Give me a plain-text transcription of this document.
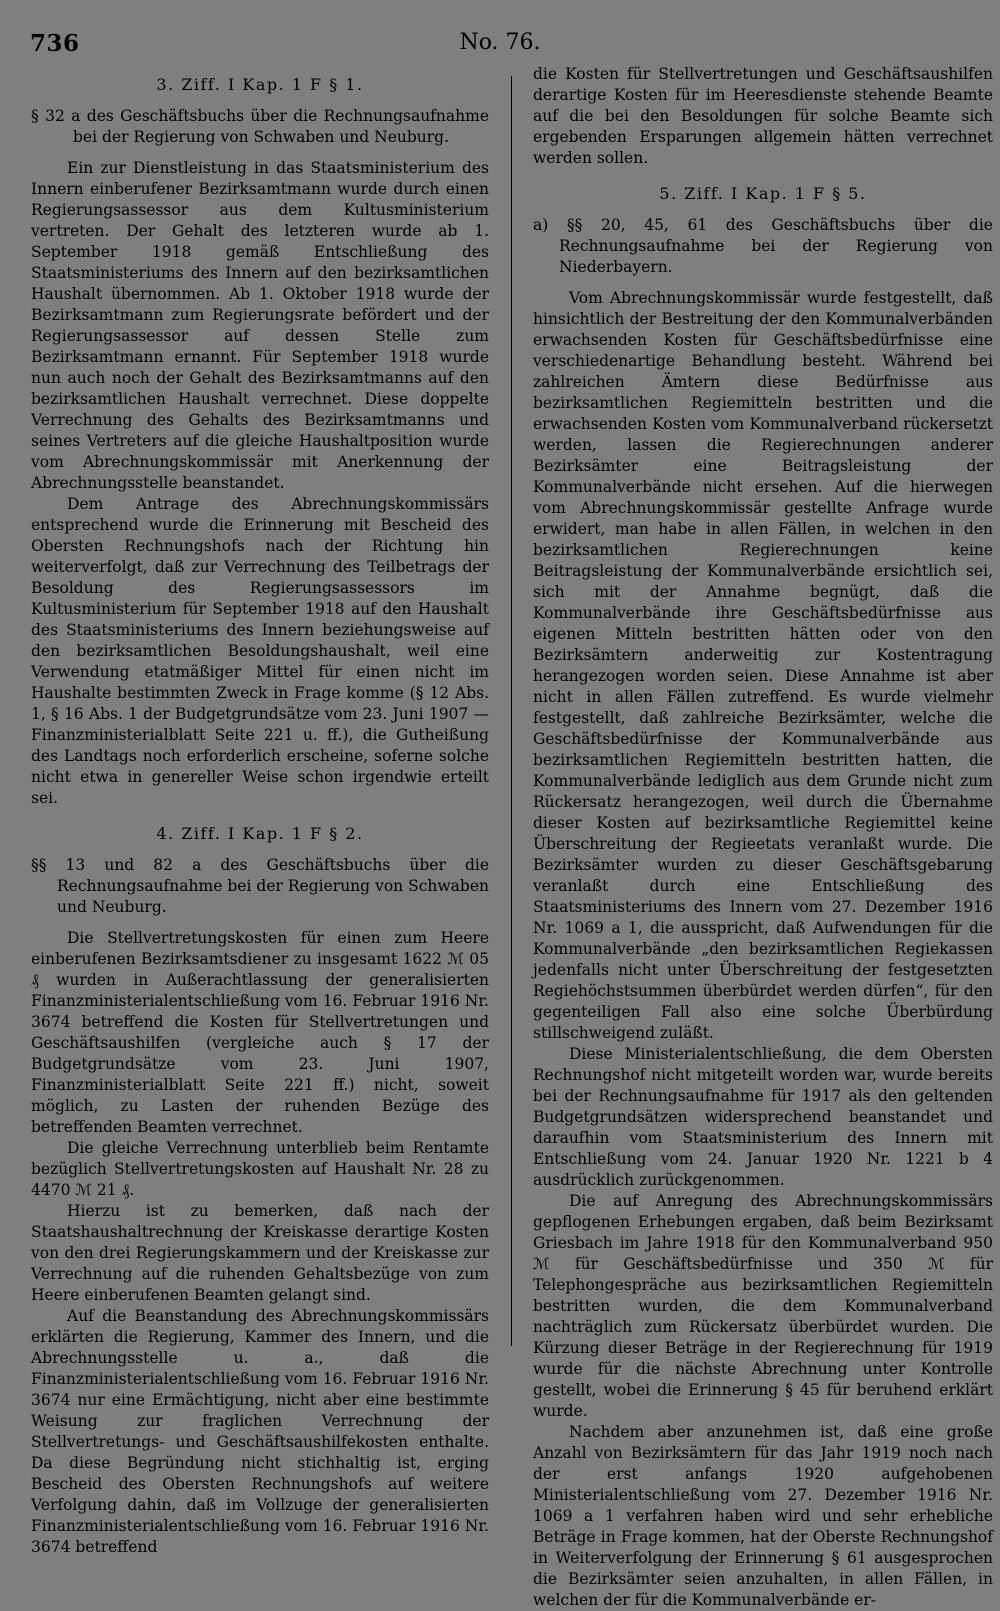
736	No. 76.
3. Ziff. I Kap. 1 F § 1.
§ 32 a des Geschäftsbuchs über die Rechnungsaufnahme bei der Regierung von Schwaben und Neuburg.

Ein zur Dienstleistung in das Staatsministerium des Innern einberufener Bezirksamtmann wurde durch einen Regierungsassessor aus dem Kultusministerium vertreten. Der Gehalt des letzteren wurde ab 1. September 1918 gemäß Entschließung des Staatsministeriums des Innern auf den bezirksamtlichen Haushalt übernommen. Ab 1. Oktober 1918 wurde der Bezirksamtmann zum Regierungsrate befördert und der Regierungsassessor auf dessen Stelle zum Bezirksamtmann ernannt. Für September 1918 wurde nun auch noch der Gehalt des Bezirksamtmanns auf den bezirksamtlichen Haushalt verrechnet. Diese doppelte Verrechnung des Gehalts des Bezirksamtmanns und seines Vertreters auf die gleiche Haushaltposition wurde vom Abrechnungskommissär mit Anerkennung der Abrechnungsstelle beanstandet.

Dem Antrage des Abrechnungskommissärs entsprechend wurde die Erinnerung mit Bescheid des Obersten Rechnungshofs nach der Richtung hin weiterverfolgt, daß zur Verrechnung des Teilbetrags der Besoldung des Regierungsassessors im Kultusministerium für September 1918 auf den Haushalt des Staatsministeriums des Innern beziehungsweise auf den bezirksamtlichen Besoldungshaushalt, weil eine Verwendung etatmäßiger Mittel für einen nicht im Haushalte bestimmten Zweck in Frage komme (§ 12 Abs. 1, § 16 Abs. 1 der Budgetgrundsätze vom 23. Juni 1907 — Finanzministerialblatt Seite 221 u. ff.), die Gutheißung des Landtags noch erforderlich erscheine, soferne solche nicht etwa in genereller Weise schon irgendwie erteilt sei.

4. Ziff. I Kap. 1 F § 2.
§§ 13 und 82 a des Geschäftsbuchs über die Rechnungsaufnahme bei der Regierung von Schwaben und Neuburg.

Die Stellvertretungskosten für einen zum Heere einberufenen Bezirksamtsdiener zu insgesamt 1622 ℳ 05 ₰ wurden in Außerachtlassung der generalisierten Finanzministerialentschließung vom 16. Februar 1916 Nr. 3674 betreffend die Kosten für Stellvertretungen und Geschäftsaushilfen (vergleiche auch § 17 der Budgetgrundsätze vom 23. Juni 1907, Finanzministerialblatt Seite 221 ff.) nicht, soweit möglich, zu Lasten der ruhenden Bezüge des betreffenden Beamten verrechnet.

Die gleiche Verrechnung unterblieb beim Rentamte bezüglich Stellvertretungskosten auf Haushalt Nr. 28 zu 4470 ℳ 21 ₰.

Hierzu ist zu bemerken, daß nach der Staatshaushaltrechnung der Kreiskasse derartige Kosten von den drei Regierungskammern und der Kreiskasse zur Verrechnung auf die ruhenden Gehaltsbezüge von zum Heere einberufenen Beamten gelangt sind.

Auf die Beanstandung des Abrechnungskommissärs erklärten die Regierung, Kammer des Innern, und die Abrechnungsstelle u. a., daß die Finanzministerialentschließung vom 16. Februar 1916 Nr. 3674 nur eine Ermächtigung, nicht aber eine bestimmte Weisung zur fraglichen Verrechnung der Stellvertretungs- und Geschäftsaushilfekosten enthalte. Da diese Begründung nicht stichhaltig ist, erging Bescheid des Obersten Rechnungshofs auf weitere Verfolgung dahin, daß im Vollzuge der generalisierten Finanzministerialentschließung vom 16. Februar 1916 Nr. 3674 betreffend

die Kosten für Stellvertretungen und Geschäftsaushilfen derartige Kosten für im Heeresdienste stehende Beamte auf die bei den Besoldungen für solche Beamte sich ergebenden Ersparungen allgemein hätten verrechnet werden sollen.

5. Ziff. I Kap. 1 F § 5.
a) §§ 20, 45, 61 des Geschäftsbuchs über die Rechnungsaufnahme bei der Regierung von Niederbayern.

Vom Abrechnungskommissär wurde festgestellt, daß hinsichtlich der Bestreitung der den Kommunalverbänden erwachsenden Kosten für Geschäftsbedürfnisse eine verschiedenartige Behandlung besteht. Während bei zahlreichen Ämtern diese Bedürfnisse aus bezirksamtlichen Regiemitteln bestritten und die erwachsenden Kosten vom Kommunalverband rückersetzt werden, lassen die Regierechnungen anderer Bezirksämter eine Beitragsleistung der Kommunalverbände nicht ersehen. Auf die hierwegen vom Abrechnungskommissär gestellte Anfrage wurde erwidert, man habe in allen Fällen, in welchen in den bezirksamtlichen Regierechnungen keine Beitragsleistung der Kommunalverbände ersichtlich sei, sich mit der Annahme begnügt, daß die Kommunalverbände ihre Geschäftsbedürfnisse aus eigenen Mitteln bestritten hätten oder von den Bezirksämtern anderweitig zur Kostentragung herangezogen worden seien. Diese Annahme ist aber nicht in allen Fällen zutreffend. Es wurde vielmehr festgestellt, daß zahlreiche Bezirksämter, welche die Geschäftsbedürfnisse der Kommunalverbände aus bezirksamtlichen Regiemitteln bestritten hatten, die Kommunalverbände lediglich aus dem Grunde nicht zum Rückersatz herangezogen, weil durch die Übernahme dieser Kosten auf bezirksamtliche Regiemittel keine Überschreitung der Regieetats veranlaßt wurde. Die Bezirksämter wurden zu dieser Geschäftsgebarung veranlaßt durch eine Entschließung des Staatsministeriums des Innern vom 27. Dezember 1916 Nr. 1069 a 1, die ausspricht, daß Aufwendungen für die Kommunalverbände „den bezirksamtlichen Regiekassen jedenfalls nicht unter Überschreitung der festgesetzten Regiehöchstsummen überbürdet werden dürfen“, für den gegenteiligen Fall also eine solche Überbürdung stillschweigend zuläßt.

Diese Ministerialentschließung, die dem Obersten Rechnungshof nicht mitgeteilt worden war, wurde bereits bei der Rechnungsaufnahme für 1917 als den geltenden Budgetgrundsätzen widersprechend beanstandet und daraufhin vom Staatsministerium des Innern mit Entschließung vom 24. Januar 1920 Nr. 1221 b 4 ausdrücklich zurückgenommen.

Die auf Anregung des Abrechnungskommissärs gepflogenen Erhebungen ergaben, daß beim Bezirksamt Griesbach im Jahre 1918 für den Kommunalverband 950 ℳ für Geschäftsbedürfnisse und 350 ℳ für Telephongespräche aus bezirksamtlichen Regiemitteln bestritten wurden, die dem Kommunalverband nachträglich zum Rückersatz überbürdet wurden. Die Kürzung dieser Beträge in der Regierechnung für 1919 wurde für die nächste Abrechnung unter Kontrolle gestellt, wobei die Erinnerung § 45 für beruhend erklärt wurde.

Nachdem aber anzunehmen ist, daß eine große Anzahl von Bezirksämtern für das Jahr 1919 noch nach der erst anfangs 1920 aufgehobenen Ministerialentschließung vom 27. Dezember 1916 Nr. 1069 a 1 verfahren haben wird und sehr erhebliche Beträge in Frage kommen, hat der Oberste Rechnungshof in Weiterverfolgung der Erinnerung § 61 ausgesprochen die Bezirksämter seien anzuhalten, in allen Fällen, in welchen der für die Kommunalverbände er-
